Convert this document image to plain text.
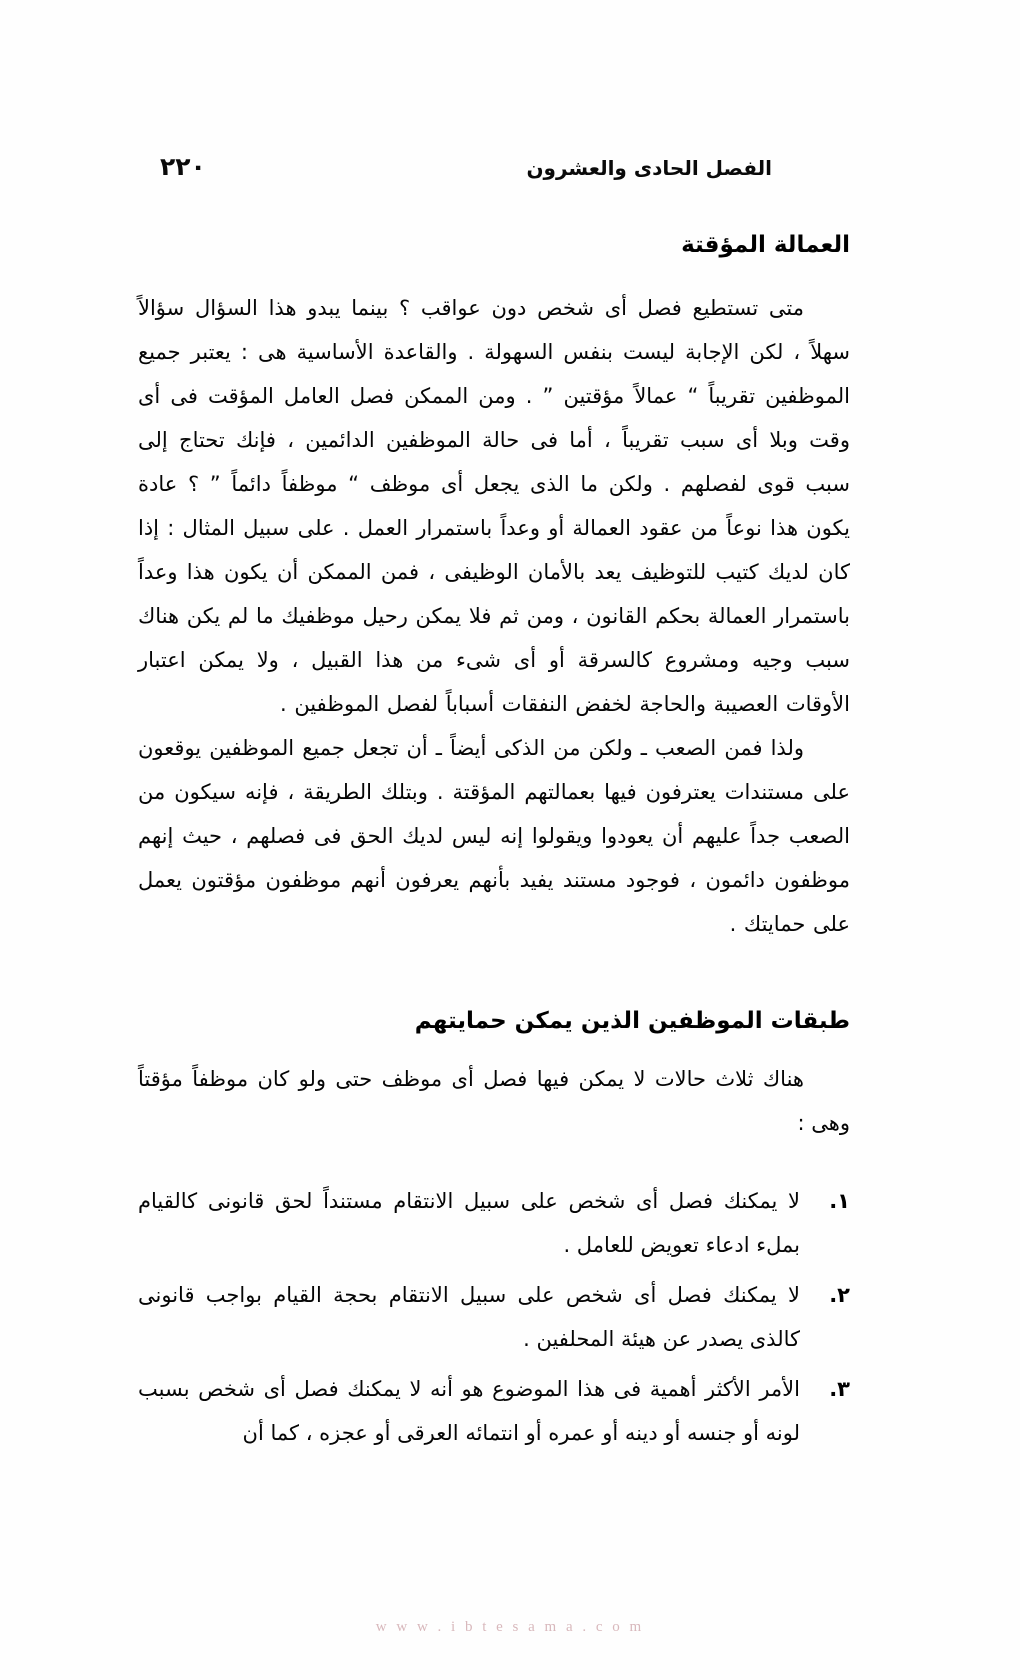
٢٢٠	الفصل الحادى والعشرون
العمالة المؤقتة

متى تستطيع فصل أى شخص دون عواقب ؟ بينما يبدو هذا السؤال سؤالاً سهلاً ، لكن الإجابة ليست بنفس السهولة . والقاعدة الأساسية هى : يعتبر جميع الموظفين تقريباً “ عمالاً مؤقتين ” . ومن الممكن فصل العامل المؤقت فى أى وقت وبلا أى سبب تقريباً ، أما فى حالة الموظفين الدائمين ، فإنك تحتاج إلى سبب قوى لفصلهم . ولكن ما الذى يجعل أى موظف “ موظفاً دائماً ” ؟ عادة يكون هذا نوعاً من عقود العمالة أو وعداً باستمرار العمل . على سبيل المثال : إذا كان لديك كتيب للتوظيف يعد بالأمان الوظيفى ، فمن الممكن أن يكون هذا وعداً باستمرار العمالة بحكم القانون ، ومن ثم فلا يمكن رحيل موظفيك ما لم يكن هناك سبب وجيه ومشروع كالسرقة أو أى شىء من هذا القبيل ، ولا يمكن اعتبار الأوقات العصيبة والحاجة لخفض النفقات أسباباً لفصل الموظفين .

ولذا فمن الصعب ـ ولكن من الذكى أيضاً ـ أن تجعل جميع الموظفين يوقعون على مستندات يعترفون فيها بعمالتهم المؤقتة . وبتلك الطريقة ، فإنه سيكون من الصعب جداً عليهم أن يعودوا ويقولوا إنه ليس لديك الحق فى فصلهم ، حيث إنهم موظفون دائمون ، فوجود مستند يفيد بأنهم يعرفون أنهم موظفون مؤقتون يعمل على حمايتك .

طبقات الموظفين الذين يمكن حمايتهم

هناك ثلاث حالات لا يمكن فيها فصل أى موظف حتى ولو كان موظفاً مؤقتاً وهى :

١.
لا يمكنك فصل أى شخص على سبيل الانتقام مستنداً لحق قانونى كالقيام بملء ادعاء تعويض للعامل .
٢.
لا يمكنك فصل أى شخص على سبيل الانتقام بحجة القيام بواجب قانونى كالذى يصدر عن هيئة المحلفين .
٣.
الأمر الأكثر أهمية فى هذا الموضوع هو أنه لا يمكنك فصل أى شخص بسبب لونه أو جنسه أو دينه أو عمره أو انتمائه العرقى أو عجزه ، كما أن
w w w . i b t e s a m a . c o m
